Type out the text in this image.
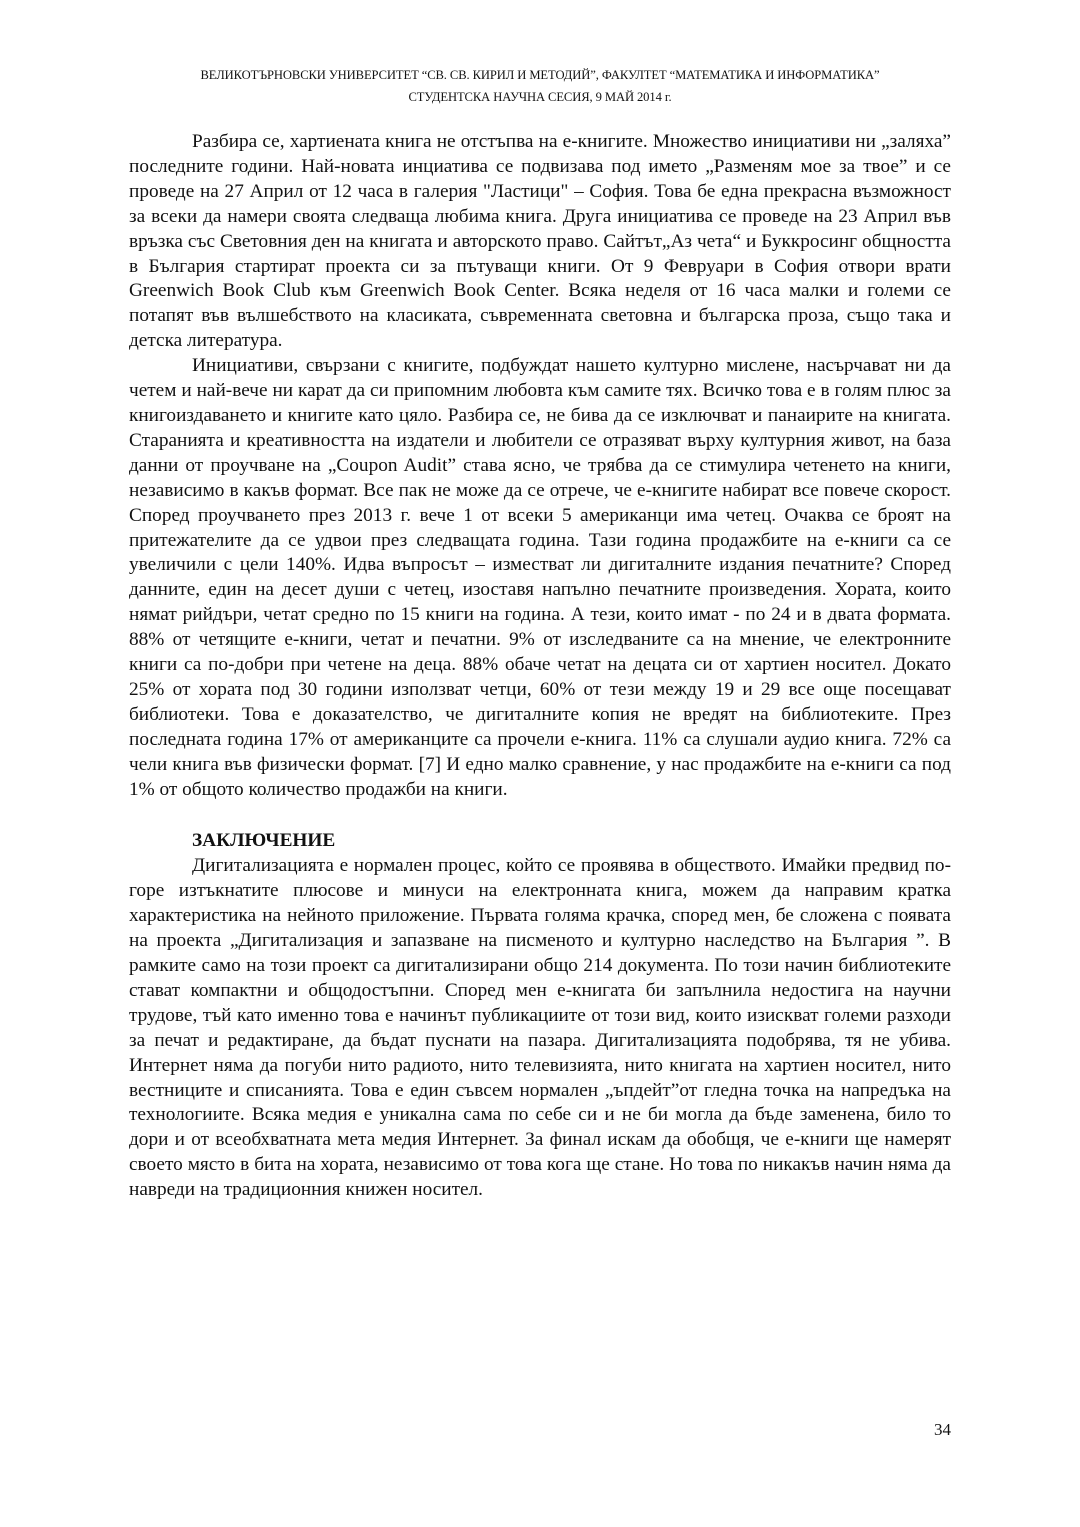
ВЕЛИКОТЪРНОВСКИ УНИВЕРСИТЕТ “СВ. СВ. КИРИЛ И МЕТОДИЙ”, ФАКУЛТЕТ “МАТЕМАТИКА И ИНФОРМАТИКА”
СТУДЕНТСКА НАУЧНА СЕСИЯ, 9 МАЙ 2014 г.

Разбира се, хартиената книга не отстъпва на е-книгите. Множество инициативи ни „заляха” последните години. Най-новата инциатива се подвизава под името „Разменям мое за твое” и се проведе на 27 Април от 12 часа в галерия "Ластици" – София. Това бе една прекрасна възможност за всеки да намери своята следваща любима книга. Друга инициатива се проведе на 23 Април във връзка със Световния ден на книгата и авторското право. Сайтът„Аз чета“ и Буккросинг общността в България стартират проекта си за пътуващи книги. От 9 Февруари в София отвори врати Greenwich Book Club към Greenwich Book Center. Всяка неделя от 16 часа малки и големи се потапят във вълшебството на класиката, съвременната световна и българска проза, също така и детска литература.

Инициативи, свързани с книгите, подбуждат нашето културно мислене, насърчават ни да четем и най-вече ни карат да си припомним любовта към самите тях. Всичко това е в голям плюс за книгоиздаването и книгите като цяло. Разбира се, не бива да се изключват и панаирите на книгата. Старанията и креативността на издатели и любители се отразяват върху културния живот, на база данни от проучване на „Coupon Audit” става ясно, че трябва да се стимулира четенето на книги, независимо в какъв формат. Все пак не може да се отрече, че е-книгите набират все повече скорост. Според проучването през 2013 г. вече 1 от всеки 5 американци има четец. Очаква се броят на притежателите да се удвои през следващата година. Тази година продажбите на е-книги са се увеличили с цели 140%. Идва въпросът – изместват ли дигиталните издания печатните? Според данните, един на десет души с четец, изоставя напълно печатните произведения. Хората, които нямат рийдъри, четат средно по 15 книги на година. А тези, които имат - по 24 и в двата формата. 88% от четящите е-книги, четат и печатни. 9% от изследваните са на мнение, че електронните книги са по-добри при четене на деца. 88% обаче четат на децата си от хартиен носител. Докато 25% от хората под 30 години използват четци, 60% от тези между 19 и 29 все още посещават библиотеки. Това е доказателство, че дигиталните копия не вредят на библиотеките. През последната година 17% от американците са прочели е-книга. 11% са слушали аудио книга. 72% са чели книга във физически формат. [7] И едно малко сравнение, у нас продажбите на е-книги са под 1% от общото количество продажби на книги.

ЗАКЛЮЧЕНИЕ

Дигитализацията е нормален процес, който се проявява в обществото. Имайки предвид по-горе изтъкнатите плюсове и минуси на електронната книга, можем да направим кратка характеристика на нейното приложение. Първата голяма крачка, според мен, бе сложена с появата на проекта „Дигитализация и запазване на писменото и културно наследство на България ”. В рамките само на този проект са дигитализирани общо 214 документа. По този начин библиотеките стават компактни и общодостъпни. Според мен е-книгата би запълнила недостига на научни трудове, тъй като именно това е начинът публикациите от този вид, които изискват големи разходи за печат и редактиране, да бъдат пуснати на пазара. Дигитализацията подобрява, тя не убива. Интернет няма да погуби нито радиото, нито телевизията, нито книгата на хартиен носител, нито вестниците и списанията. Това е един съвсем нормален „ъпдейт”от гледна точка на напредъка на технологиите. Всяка медия е уникална сама по себе си и не би могла да бъде заменена, било то дори и от всеобхватната мета медия Интернет. За финал искам да обобщя, че е-книги ще намерят своето място в бита на хората, независимо от това кога ще стане. Но това по никакъв начин няма да навреди на традиционния книжен носител.

34
